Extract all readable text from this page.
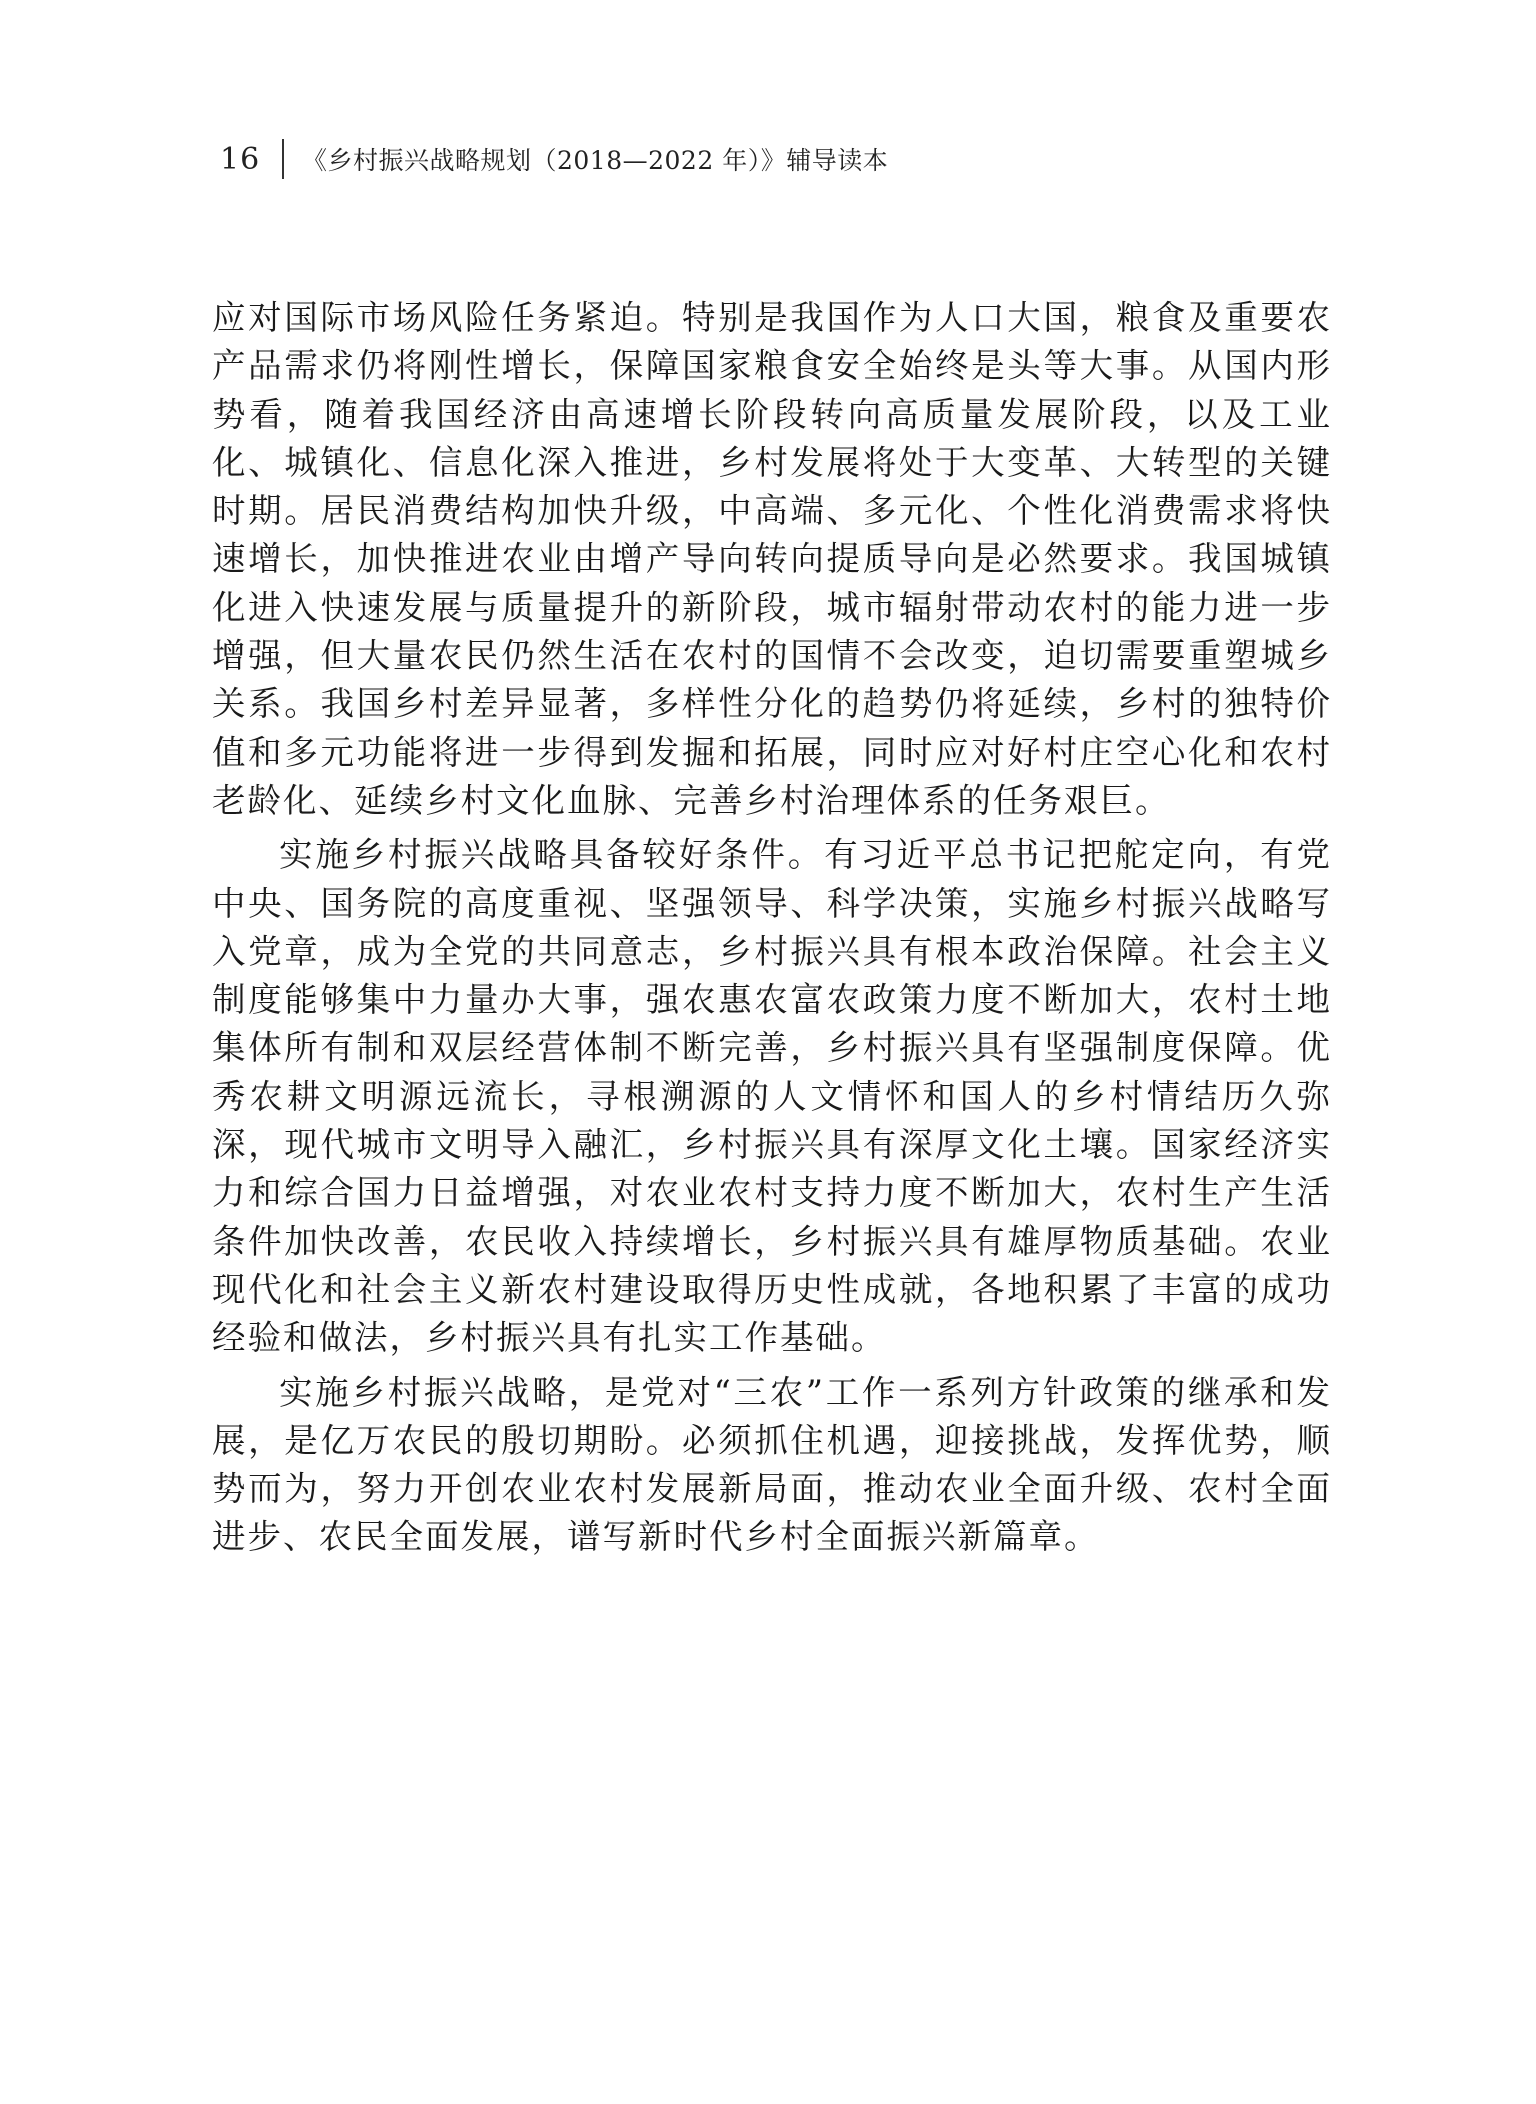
16	《乡村振兴战略规划（2018—2022 年）》辅导读本

应对国际市场风险任务紧迫。特别是我国作为人口大国，粮食及重要农产品需求仍将刚性增长，保障国家粮食安全始终是头等大事。从国内形势看，随着我国经济由高速增长阶段转向高质量发展阶段，以及工业化、城镇化、信息化深入推进，乡村发展将处于大变革、大转型的关键时期。居民消费结构加快升级，中高端、多元化、个性化消费需求将快速增长，加快推进农业由增产导向转向提质导向是必然要求。我国城镇化进入快速发展与质量提升的新阶段，城市辐射带动农村的能力进一步增强，但大量农民仍然生活在农村的国情不会改变，迫切需要重塑城乡关系。我国乡村差异显著，多样性分化的趋势仍将延续，乡村的独特价值和多元功能将进一步得到发掘和拓展，同时应对好村庄空心化和农村老龄化、延续乡村文化血脉、完善乡村治理体系的任务艰巨。

实施乡村振兴战略具备较好条件。有习近平总书记把舵定向，有党中央、国务院的高度重视、坚强领导、科学决策，实施乡村振兴战略写入党章，成为全党的共同意志，乡村振兴具有根本政治保障。社会主义制度能够集中力量办大事，强农惠农富农政策力度不断加大，农村土地集体所有制和双层经营体制不断完善，乡村振兴具有坚强制度保障。优秀农耕文明源远流长，寻根溯源的人文情怀和国人的乡村情结历久弥深，现代城市文明导入融汇，乡村振兴具有深厚文化土壤。国家经济实力和综合国力日益增强，对农业农村支持力度不断加大，农村生产生活条件加快改善，农民收入持续增长，乡村振兴具有雄厚物质基础。农业现代化和社会主义新农村建设取得历史性成就，各地积累了丰富的成功经验和做法，乡村振兴具有扎实工作基础。

实施乡村振兴战略，是党对“三农”工作一系列方针政策的继承和发展，是亿万农民的殷切期盼。必须抓住机遇，迎接挑战，发挥优势，顺势而为，努力开创农业农村发展新局面，推动农业全面升级、农村全面进步、农民全面发展，谱写新时代乡村全面振兴新篇章。
